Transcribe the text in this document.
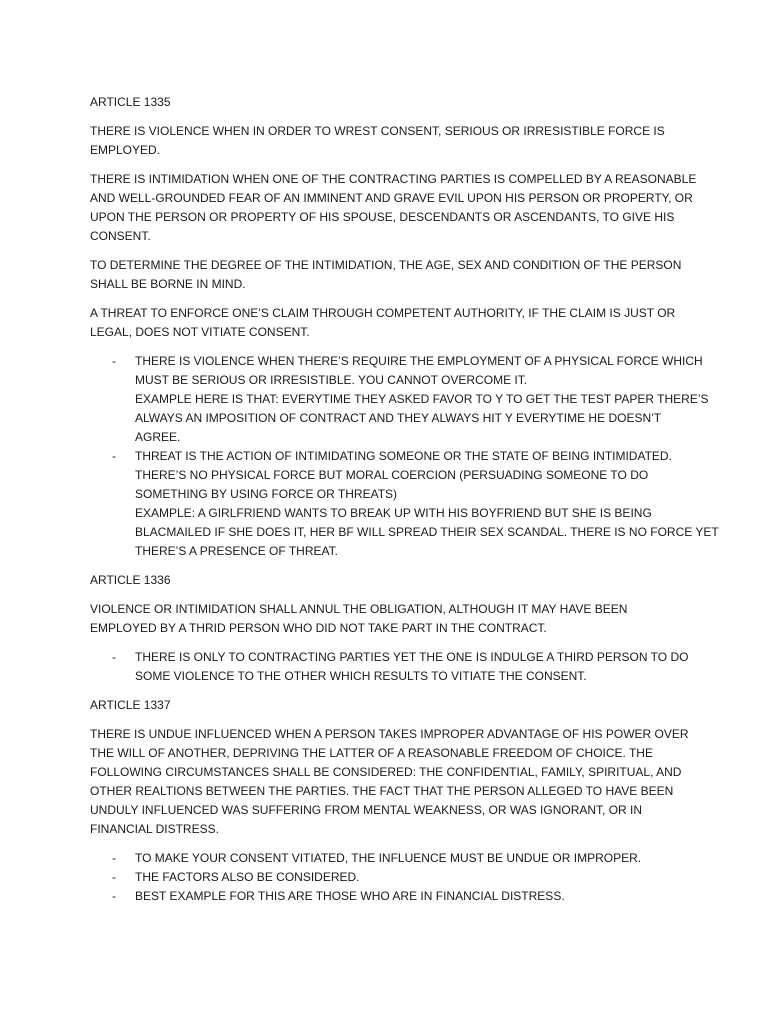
ARTICLE 1335
THERE IS VIOLENCE WHEN IN ORDER TO WREST CONSENT, SERIOUS OR IRRESISTIBLE FORCE IS
EMPLOYED.
THERE IS INTIMIDATION WHEN ONE OF THE CONTRACTING PARTIES IS COMPELLED BY A REASONABLE
AND WELL-GROUNDED FEAR OF AN IMMINENT AND GRAVE EVIL UPON HIS PERSON OR PROPERTY, OR
UPON THE PERSON OR PROPERTY OF HIS SPOUSE, DESCENDANTS OR ASCENDANTS, TO GIVE HIS
CONSENT.
TO DETERMINE THE DEGREE OF THE INTIMIDATION, THE AGE, SEX AND CONDITION OF THE PERSON
SHALL BE BORNE IN MIND.
A THREAT TO ENFORCE ONE’S CLAIM THROUGH COMPETENT AUTHORITY, IF THE CLAIM IS JUST OR
LEGAL, DOES NOT VITIATE CONSENT.
- THERE IS VIOLENCE WHEN THERE’S REQUIRE THE EMPLOYMENT OF A PHYSICAL FORCE WHICH
MUST BE SERIOUS OR IRRESISTIBLE. YOU CANNOT OVERCOME IT.
EXAMPLE HERE IS THAT: EVERYTIME THEY ASKED FAVOR TO Y TO GET THE TEST PAPER THERE’S
ALWAYS AN IMPOSITION OF CONTRACT AND THEY ALWAYS HIT Y EVERYTIME HE DOESN’T
AGREE.
- THREAT IS THE ACTION OF INTIMIDATING SOMEONE OR THE STATE OF BEING INTIMIDATED.
THERE’S NO PHYSICAL FORCE BUT MORAL COERCION (PERSUADING SOMEONE TO DO
SOMETHING BY USING FORCE OR THREATS)
EXAMPLE: A GIRLFRIEND WANTS TO BREAK UP WITH HIS BOYFRIEND BUT SHE IS BEING
BLACMAILED IF SHE DOES IT, HER BF WILL SPREAD THEIR SEX SCANDAL. THERE IS NO FORCE YET
THERE’S A PRESENCE OF THREAT.
ARTICLE 1336
VIOLENCE OR INTIMIDATION SHALL ANNUL THE OBLIGATION, ALTHOUGH IT MAY HAVE BEEN
EMPLOYED BY A THRID PERSON WHO DID NOT TAKE PART IN THE CONTRACT.
- THERE IS ONLY TO CONTRACTING PARTIES YET THE ONE IS INDULGE A THIRD PERSON TO DO
SOME VIOLENCE TO THE OTHER WHICH RESULTS TO VITIATE THE CONSENT.
ARTICLE 1337
THERE IS UNDUE INFLUENCED WHEN A PERSON TAKES IMPROPER ADVANTAGE OF HIS POWER OVER
THE WILL OF ANOTHER, DEPRIVING THE LATTER OF A REASONABLE FREEDOM OF CHOICE. THE
FOLLOWING CIRCUMSTANCES SHALL BE CONSIDERED: THE CONFIDENTIAL, FAMILY, SPIRITUAL, AND
OTHER REALTIONS BETWEEN THE PARTIES. THE FACT THAT THE PERSON ALLEGED TO HAVE BEEN
UNDULY INFLUENCED WAS SUFFERING FROM MENTAL WEAKNESS, OR WAS IGNORANT, OR IN
FINANCIAL DISTRESS.
- TO MAKE YOUR CONSENT VITIATED, THE INFLUENCE MUST BE UNDUE OR IMPROPER.
- THE FACTORS ALSO BE CONSIDERED.
- BEST EXAMPLE FOR THIS ARE THOSE WHO ARE IN FINANCIAL DISTRESS.
